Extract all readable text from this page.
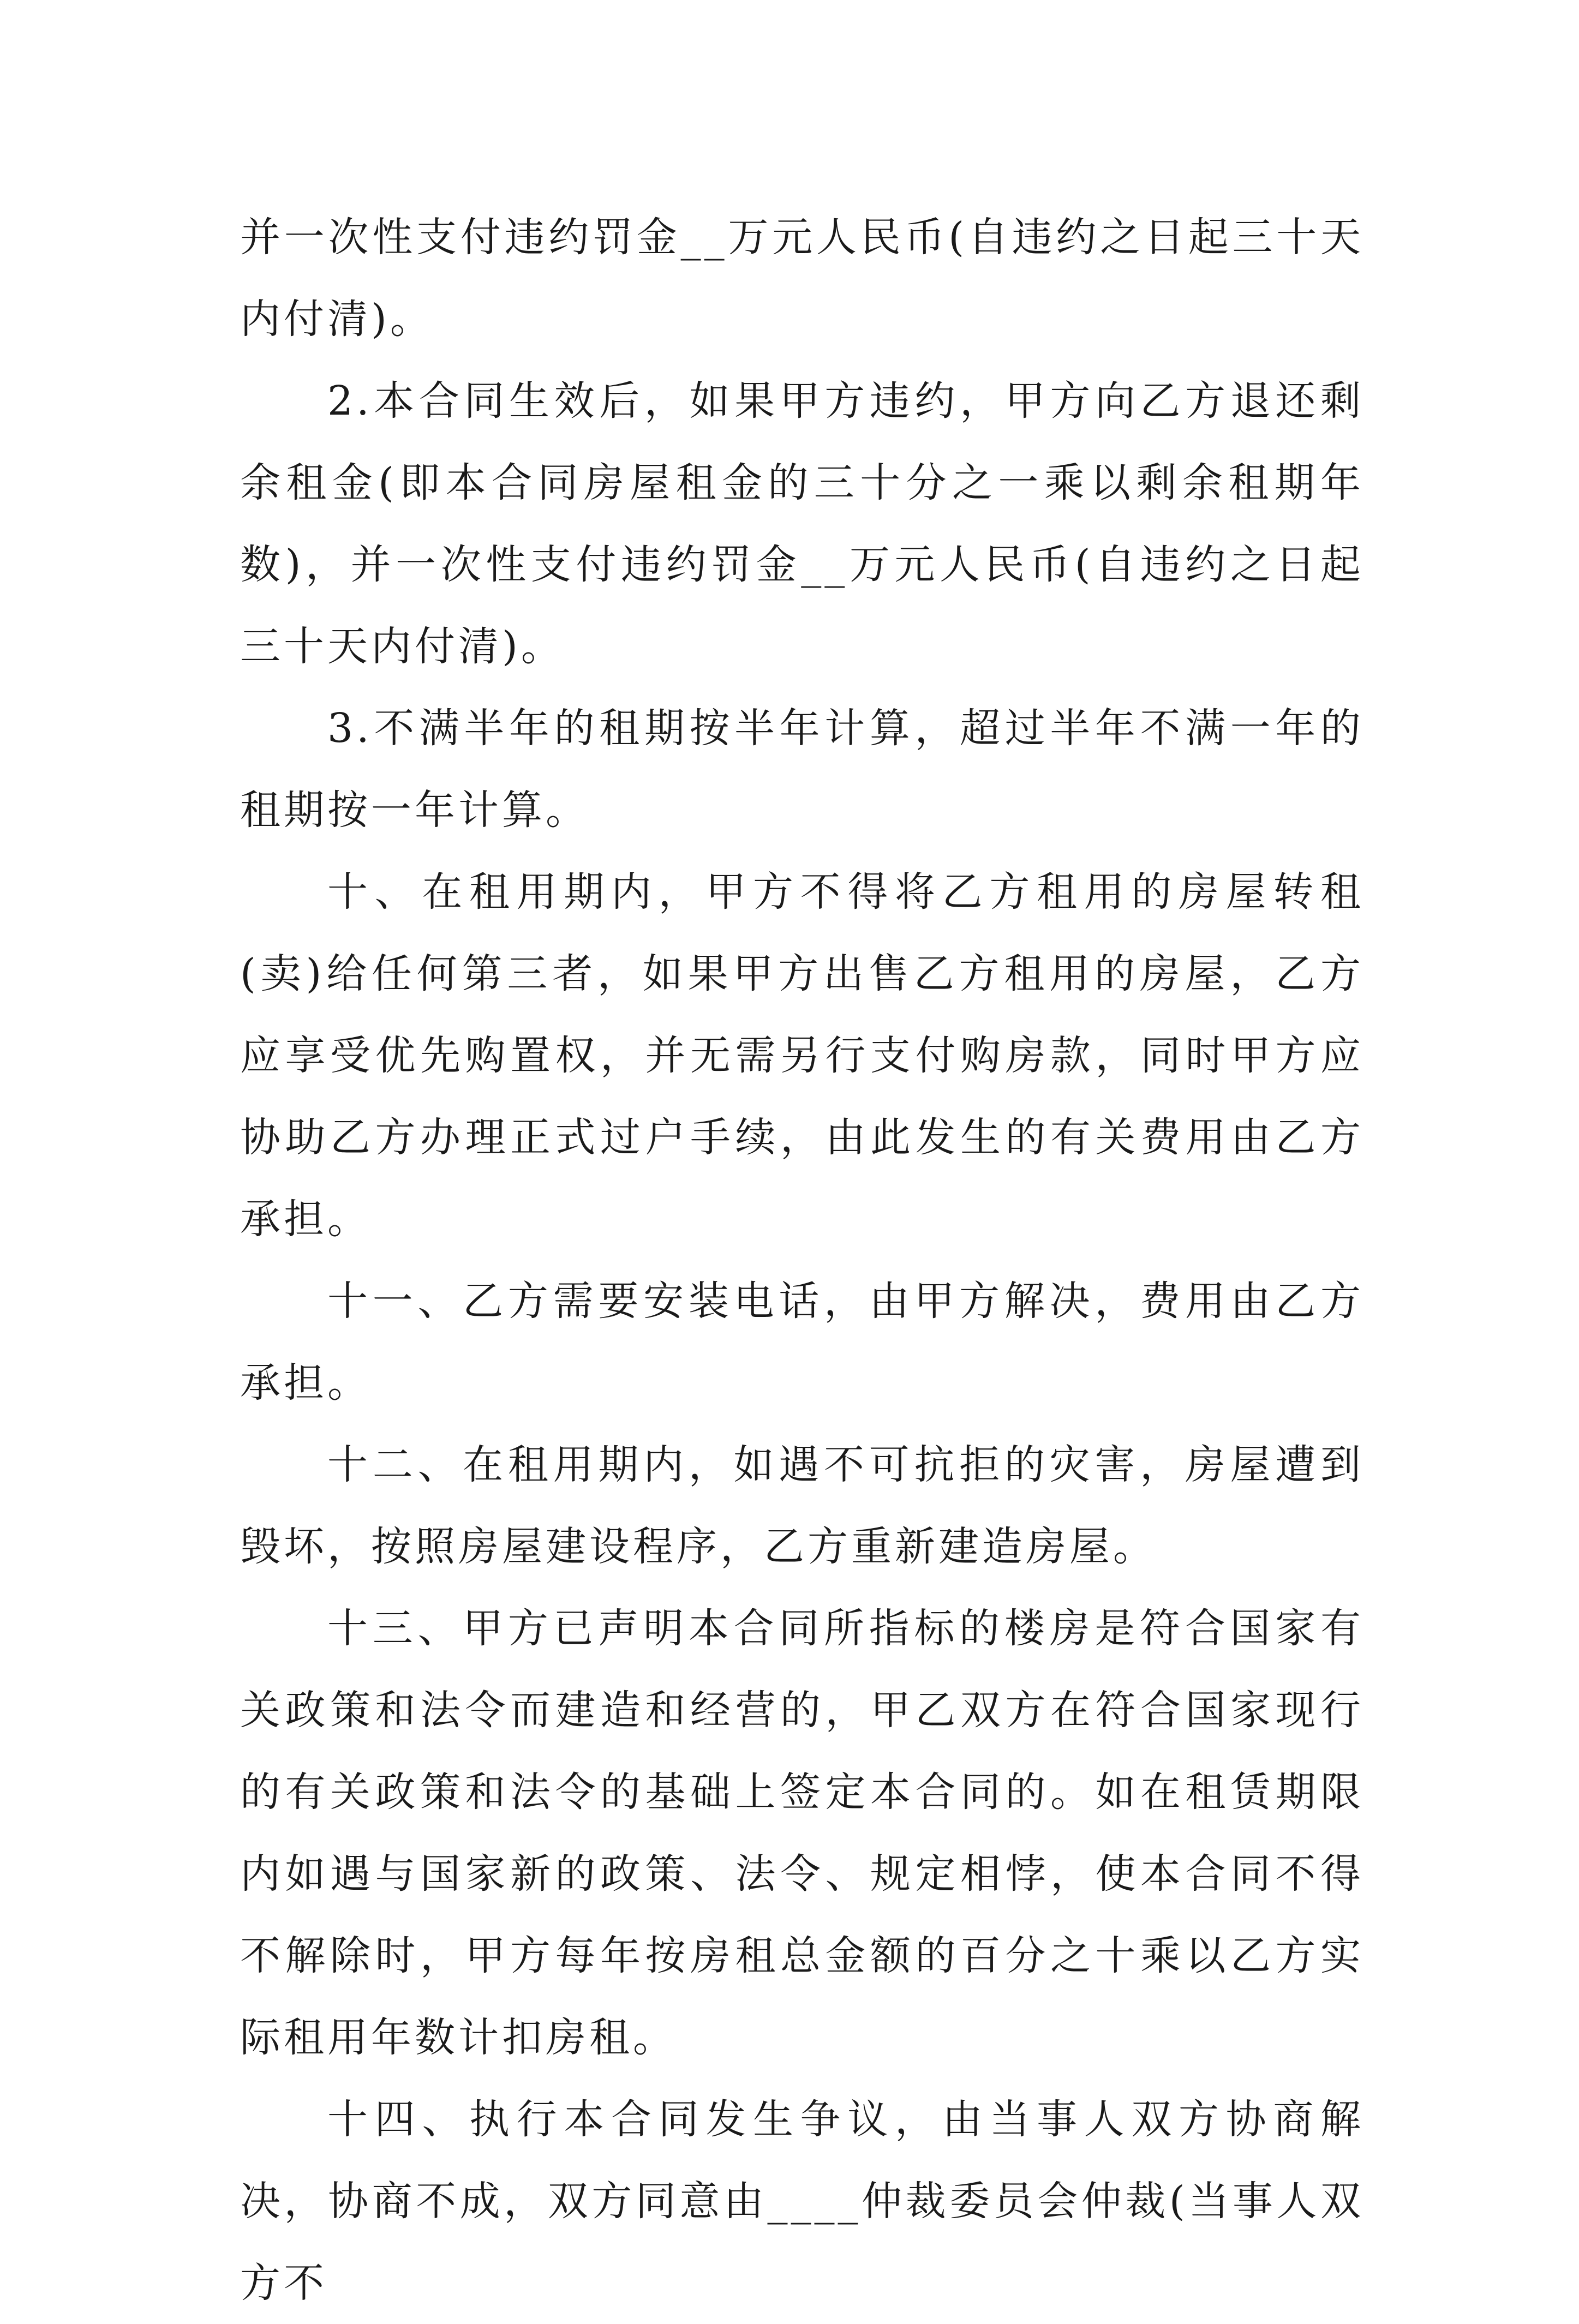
并一次性支付违约罚金__万元人民币(自违约之日起三十天内付清)。

2.本合同生效后，如果甲方违约，甲方向乙方退还剩余租金(即本合同房屋租金的三十分之一乘以剩余租期年数)，并一次性支付违约罚金__万元人民币(自违约之日起三十天内付清)。

3.不满半年的租期按半年计算，超过半年不满一年的租期按一年计算。

十、在租用期内，甲方不得将乙方租用的房屋转租(卖)给任何第三者，如果甲方出售乙方租用的房屋，乙方应享受优先购置权，并无需另行支付购房款，同时甲方应协助乙方办理正式过户手续，由此发生的有关费用由乙方承担。

十一、乙方需要安装电话，由甲方解决，费用由乙方承担。

十二、在租用期内，如遇不可抗拒的灾害，房屋遭到毁坏，按照房屋建设程序，乙方重新建造房屋。

十三、甲方已声明本合同所指标的楼房是符合国家有关政策和法令而建造和经营的，甲乙双方在符合国家现行的有关政策和法令的基础上签定本合同的。如在租赁期限内如遇与国家新的政策、法令、规定相悖，使本合同不得不解除时，甲方每年按房租总金额的百分之十乘以乙方实际租用年数计扣房租。

十四、执行本合同发生争议，由当事人双方协商解决，协商不成，双方同意由____仲裁委员会仲裁(当事人双方不
